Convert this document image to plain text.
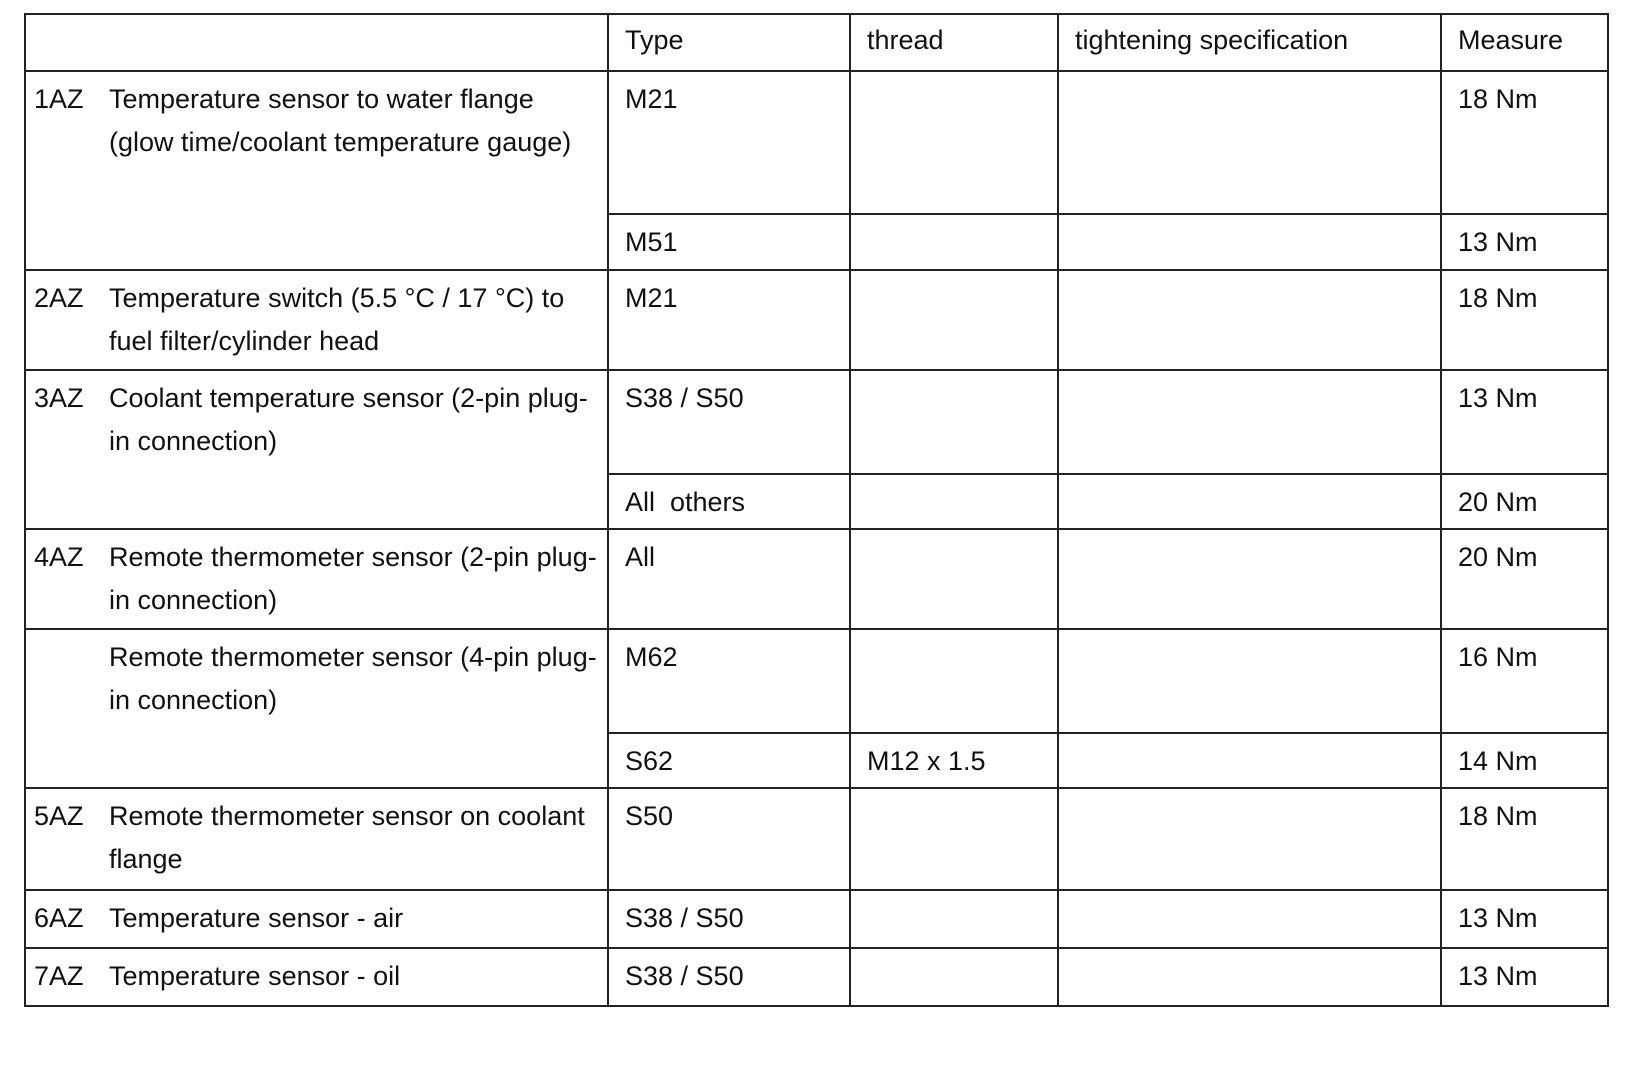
	Type	thread	tightening specification	Measure

1AZ Temperature sensor to water flange (glow time/coolant temperature gauge)	M21			18 Nm
	M51			13 Nm

2AZ Temperature switch (5.5 °C / 17 °C) to fuel filter/cylinder head	M21			18 Nm

3AZ Coolant temperature sensor (2-pin plug-in connection)	S38 / S50			13 Nm
	All  others			20 Nm

4AZ Remote thermometer sensor (2-pin plug-in connection)	All			20 Nm

Remote thermometer sensor (4-pin plug-in connection)	M62			16 Nm
	S62	M12 x 1.5		14 Nm

5AZ Remote thermometer sensor on coolant flange	S50			18 Nm

6AZ Temperature sensor - air	S38 / S50			13 Nm

7AZ Temperature sensor - oil	S38 / S50			13 Nm
